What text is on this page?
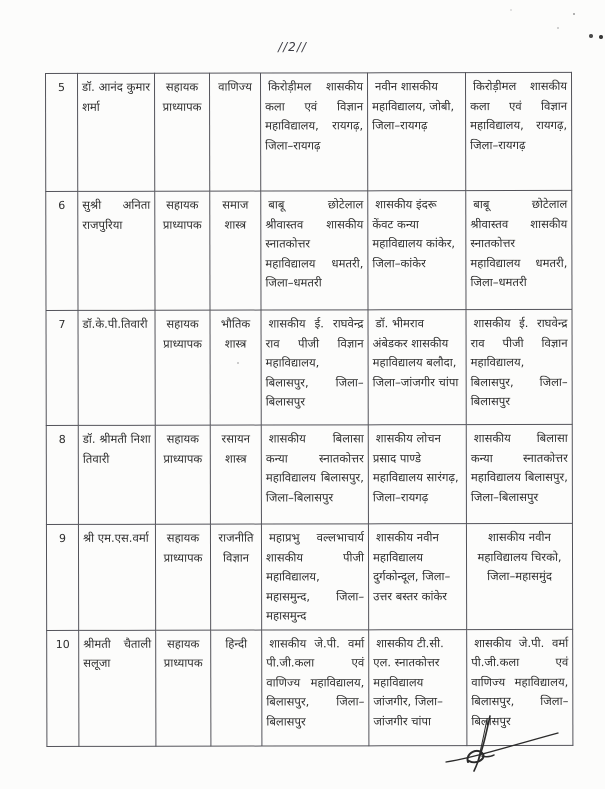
//2//
5	डॉ. आनंद कुमार शर्मा	सहायक प्राध्यापक	वाणिज्य	किरोड़ीमल शासकीय कला एवं विज्ञान महाविद्यालय, रायगढ़, जिला–रायगढ़	नवीन शासकीय महाविद्यालय, जोबी, जिला–रायगढ़	किरोड़ीमल शासकीय कला एवं विज्ञान महाविद्यालय, रायगढ़, जिला–रायगढ़
6	सुश्री अनिता राजपुरिया	सहायक प्राध्यापक	समाज शास्त्र	बाबू छोटेलाल श्रीवास्तव शासकीय स्नातकोत्तर महाविद्यालय धमतरी, जिला–धमतरी	शासकीय इंदरू केंवट कन्या महाविद्यालय कांकेर, जिला–कांकेर	बाबू छोटेलाल श्रीवास्तव शासकीय स्नातकोत्तर महाविद्यालय धमतरी, जिला–धमतरी
7	डॉ.के.पी.तिवारी	सहायक प्राध्यापक	भौतिक शास्त्र	शासकीय ई. राघवेन्द्र राव पीजी विज्ञान महाविद्यालय, बिलासपुर, जिला–बिलासपुर	डॉ. भीमराव अंबेडकर शासकीय महाविद्यालय बलौदा, जिला–जांजगीर चांपा	शासकीय ई. राघवेन्द्र राव पीजी विज्ञान महाविद्यालय, बिलासपुर, जिला–बिलासपुर
8	डॉ. श्रीमती निशा तिवारी	सहायक प्राध्यापक	रसायन शास्त्र	शासकीय बिलासा कन्या स्नातकोत्तर महाविद्यालय बिलासपुर, जिला–बिलासपुर	शासकीय लोचन प्रसाद पाण्डे महाविद्यालय सारंगढ़, जिला–रायगढ़	शासकीय बिलासा कन्या स्नातकोत्तर महाविद्यालय बिलासपुर, जिला–बिलासपुर
9	श्री एम.एस.वर्मा	सहायक प्राध्यापक	राजनीति विज्ञान	महाप्रभु वल्लभाचार्य शासकीय पीजी महाविद्यालय, महासमुन्द, जिला–महासमुन्द	शासकीय नवीन महाविद्यालय दुर्गकोन्दूल, जिला–उत्तर बस्तर कांकेर	शासकीय नवीन महाविद्यालय चिरको, जिला–महासमुंद
10	श्रीमती चैताली सलूजा	सहायक प्राध्यापक	हिन्दी	शासकीय जे.पी. वर्मा पी.जी.कला एवं वाणिज्य महाविद्यालय, बिलासपुर, जिला–बिलासपुर	शासकीय टी.सी. एल. स्नातकोत्तर महाविद्यालय जांजगीर, जिला–जांजगीर चांपा	शासकीय जे.पी. वर्मा पी.जी.कला एवं वाणिज्य महाविद्यालय, बिलासपुर, जिला–बिलासपुर
